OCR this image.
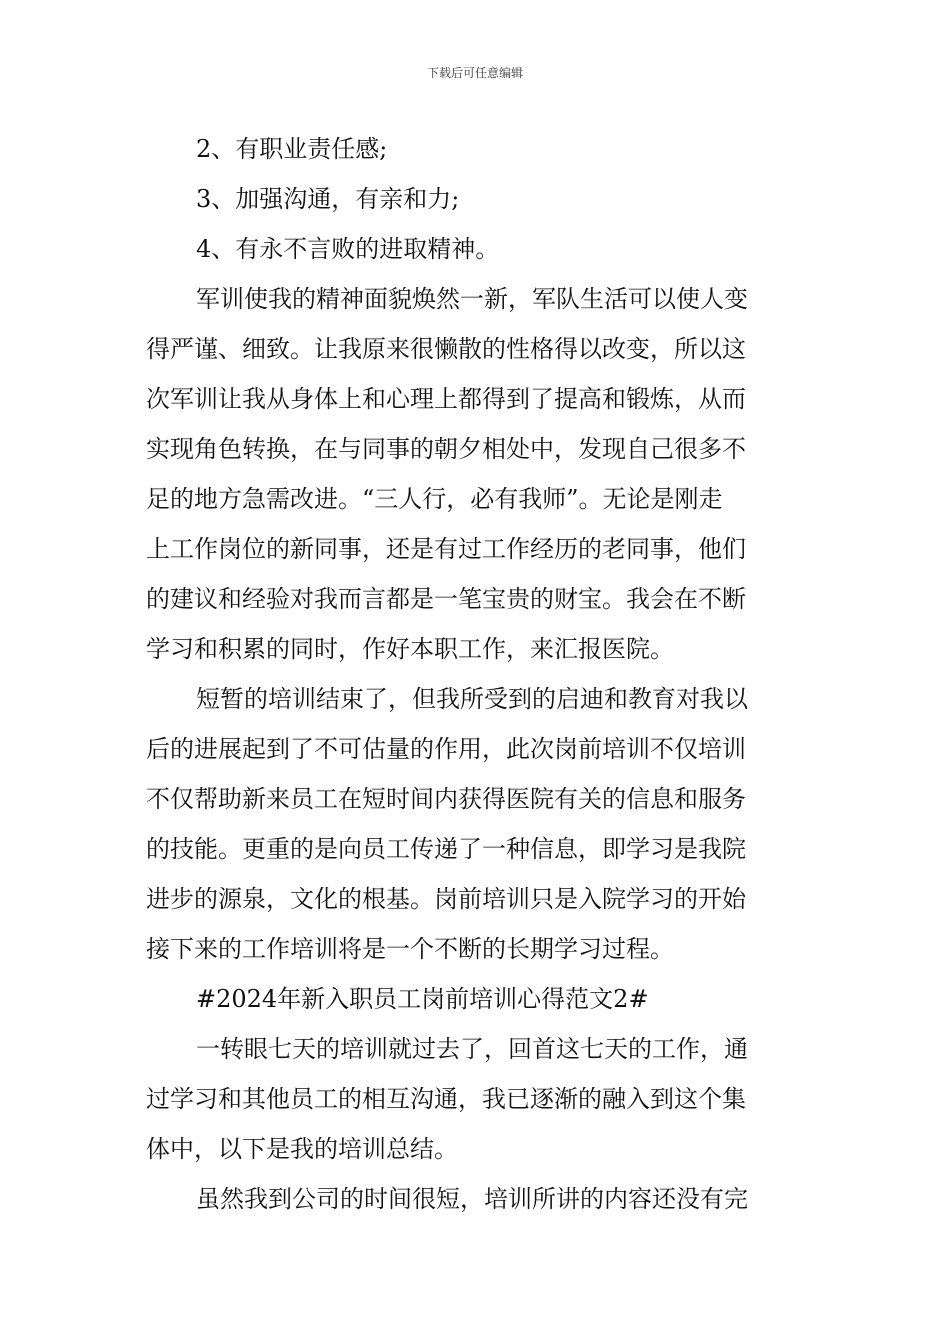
下载后可任意编辑
2、有职业责任感;
3、加强沟通，有亲和力;
4、有永不言败的进取精神。
军训使我的精神面貌焕然一新，军队生活可以使人变
得严谨、细致。让我原来很懒散的性格得以改变，所以这
次军训让我从身体上和心理上都得到了提高和锻炼，从而
实现角色转换，在与同事的朝夕相处中，发现自己很多不
足的地方急需改进。“三人行，必有我师”。无论是刚走
上工作岗位的新同事，还是有过工作经历的老同事，他们
的建议和经验对我而言都是一笔宝贵的财宝。我会在不断
学习和积累的同时，作好本职工作，来汇报医院。
短暂的培训结束了，但我所受到的启迪和教育对我以
后的进展起到了不可估量的作用，此次岗前培训不仅培训
不仅帮助新来员工在短时间内获得医院有关的信息和服务
的技能。更重的是向员工传递了一种信息，即学习是我院
进步的源泉，文化的根基。岗前培训只是入院学习的开始
接下来的工作培训将是一个不断的长期学习过程。
#2024年新入职员工岗前培训心得范文2#
一转眼七天的培训就过去了，回首这七天的工作，通
过学习和其他员工的相互沟通，我已逐渐的融入到这个集
体中，以下是我的培训总结。
虽然我到公司的时间很短，培训所讲的内容还没有完
